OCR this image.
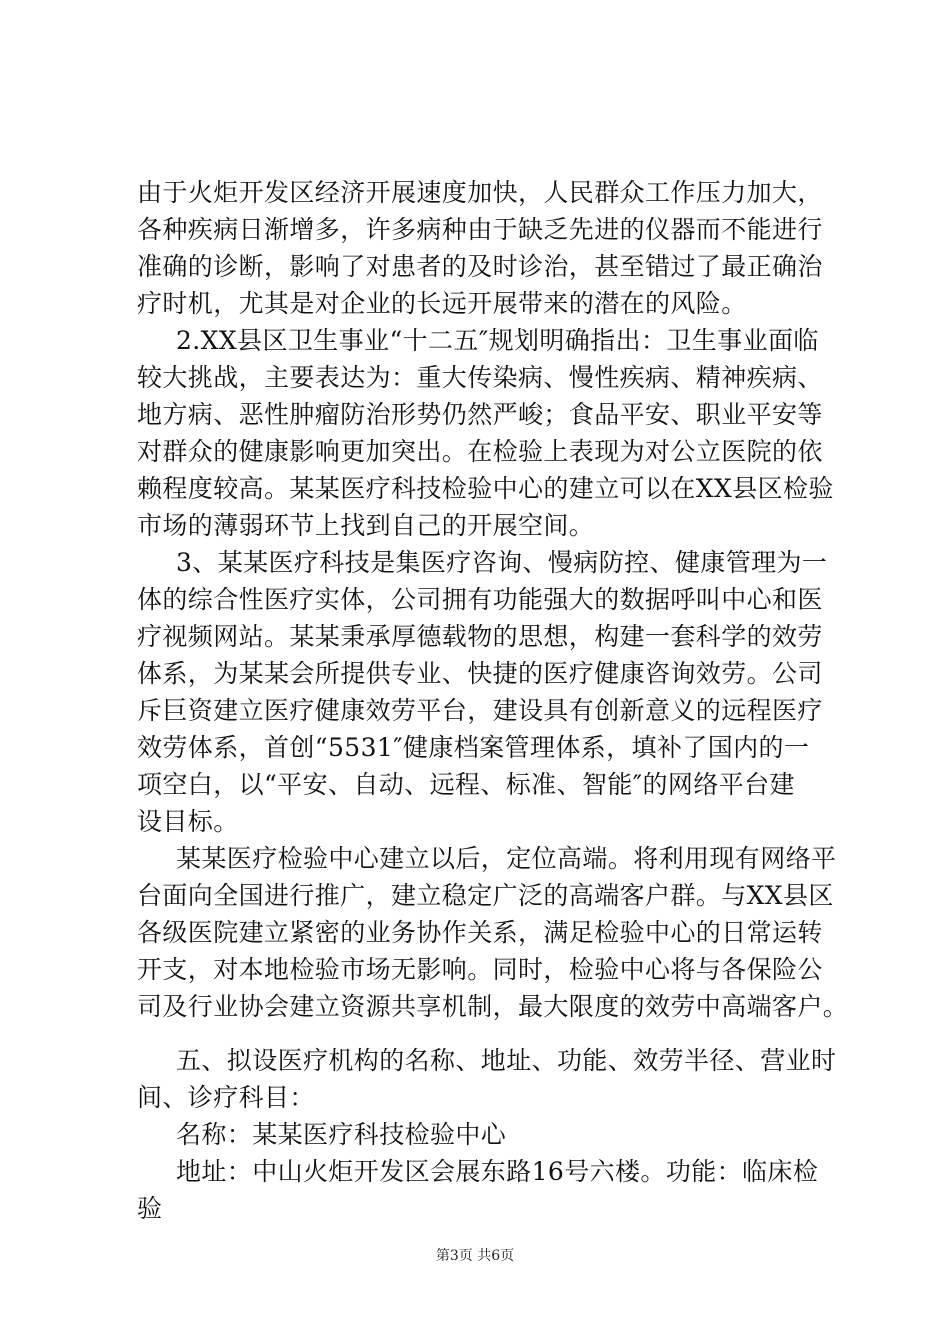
由于火炬开发区经济开展速度加快，人民群众工作压力加大，
各种疾病日渐增多，许多病种由于缺乏先进的仪器而不能进行
准确的诊断，影响了对患者的及时诊治，甚至错过了最正确治
疗时机，尤其是对企业的长远开展带来的潜在的风险。
2.XX县区卫生事业“十二五″规划明确指出：卫生事业面临
较大挑战，主要表达为：重大传染病、慢性疾病、精神疾病、
地方病、恶性肿瘤防治形势仍然严峻；食品平安、职业平安等
对群众的健康影响更加突出。在检验上表现为对公立医院的依
赖程度较高。某某医疗科技检验中心的建立可以在XX县区检验
市场的薄弱环节上找到自己的开展空间。
3、某某医疗科技是集医疗咨询、慢病防控、健康管理为一
体的综合性医疗实体，公司拥有功能强大的数据呼叫中心和医
疗视频网站。某某秉承厚德载物的思想，构建一套科学的效劳
体系，为某某会所提供专业、快捷的医疗健康咨询效劳。公司
斥巨资建立医疗健康效劳平台，建设具有创新意义的远程医疗
效劳体系，首创“5531″健康档案管理体系，填补了国内的一
项空白，以“平安、自动、远程、标准、智能″的网络平台建
设目标。
某某医疗检验中心建立以后，定位高端。将利用现有网络平
台面向全国进行推广，建立稳定广泛的高端客户群。与XX县区
各级医院建立紧密的业务协作关系，满足检验中心的日常运转
开支，对本地检验市场无影响。同时，检验中心将与各保险公
司及行业协会建立资源共享机制，最大限度的效劳中高端客户。
五、拟设医疗机构的名称、地址、功能、效劳半径、营业时
间、诊疗科目：
名称：某某医疗科技检验中心
地址：中山火炬开发区会展东路16号六楼。功能：临床检
验
第3页 共6页
